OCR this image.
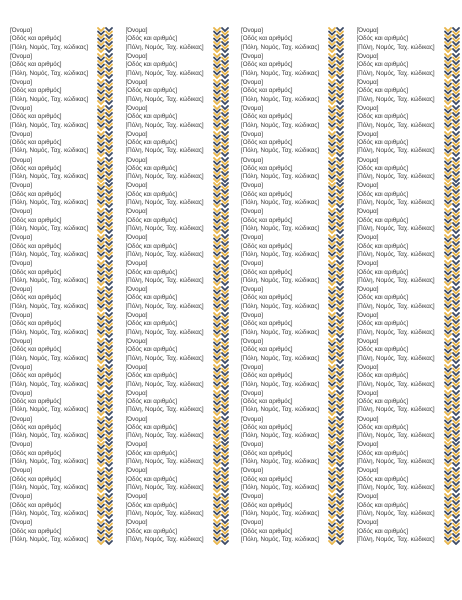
[Όνομα]
[Οδός και αριθμός]
[Πόλη, Νομός, Ταχ. κώδικας]
[Όνομα]
[Οδός και αριθμός]
[Πόλη, Νομός, Ταχ. κώδικας]
[Όνομα]
[Οδός και αριθμός]
[Πόλη, Νομός, Ταχ. κώδικας]
[Όνομα]
[Οδός και αριθμός]
[Πόλη, Νομός, Ταχ. κώδικας]
[Όνομα]
[Οδός και αριθμός]
[Πόλη, Νομός, Ταχ. κώδικας]
[Όνομα]
[Οδός και αριθμός]
[Πόλη, Νομός, Ταχ. κώδικας]
[Όνομα]
[Οδός και αριθμός]
[Πόλη, Νομός, Ταχ. κώδικας]
[Όνομα]
[Οδός και αριθμός]
[Πόλη, Νομός, Ταχ. κώδικας]
[Όνομα]
[Οδός και αριθμός]
[Πόλη, Νομός, Ταχ. κώδικας]
[Όνομα]
[Οδός και αριθμός]
[Πόλη, Νομός, Ταχ. κώδικας]
[Όνομα]
[Οδός και αριθμός]
[Πόλη, Νομός, Ταχ. κώδικας]
[Όνομα]
[Οδός και αριθμός]
[Πόλη, Νομός, Ταχ. κώδικας]
[Όνομα]
[Οδός και αριθμός]
[Πόλη, Νομός, Ταχ. κώδικας]
[Όνομα]
[Οδός και αριθμός]
[Πόλη, Νομός, Ταχ. κώδικας]
[Όνομα]
[Οδός και αριθμός]
[Πόλη, Νομός, Ταχ. κώδικας]
[Όνομα]
[Οδός και αριθμός]
[Πόλη, Νομός, Ταχ. κώδικας]
[Όνομα]
[Οδός και αριθμός]
[Πόλη, Νομός, Ταχ. κώδικας]
[Όνομα]
[Οδός και αριθμός]
[Πόλη, Νομός, Ταχ. κώδικας]
[Όνομα]
[Οδός και αριθμός]
[Πόλη, Νομός, Ταχ. κώδικας]
[Όνομα]
[Οδός και αριθμός]
[Πόλη, Νομός, Ταχ. κώδικας]
[Όνομα]
[Οδός και αριθμός]
[Πόλη, Νομός, Ταχ. κώδικας]
[Όνομα]
[Οδός και αριθμός]
[Πόλη, Νομός, Ταχ. κώδικας]
[Όνομα]
[Οδός και αριθμός]
[Πόλη, Νομός, Ταχ. κώδικας]
[Όνομα]
[Οδός και αριθμός]
[Πόλη, Νομός, Ταχ. κώδικας]
[Όνομα]
[Οδός και αριθμός]
[Πόλη, Νομός, Ταχ. κώδικας]
[Όνομα]
[Οδός και αριθμός]
[Πόλη, Νομός, Ταχ. κώδικας]
[Όνομα]
[Οδός και αριθμός]
[Πόλη, Νομός, Ταχ. κώδικας]
[Όνομα]
[Οδός και αριθμός]
[Πόλη, Νομός, Ταχ. κώδικας]
[Όνομα]
[Οδός και αριθμός]
[Πόλη, Νομός, Ταχ. κώδικας]
[Όνομα]
[Οδός και αριθμός]
[Πόλη, Νομός, Ταχ. κώδικας]
[Όνομα]
[Οδός και αριθμός]
[Πόλη, Νομός, Ταχ. κώδικας]
[Όνομα]
[Οδός και αριθμός]
[Πόλη, Νομός, Ταχ. κώδικας]
[Όνομα]
[Οδός και αριθμός]
[Πόλη, Νομός, Ταχ. κώδικας]
[Όνομα]
[Οδός και αριθμός]
[Πόλη, Νομός, Ταχ. κώδικας]
[Όνομα]
[Οδός και αριθμός]
[Πόλη, Νομός, Ταχ. κώδικας]
[Όνομα]
[Οδός και αριθμός]
[Πόλη, Νομός, Ταχ. κώδικας]
[Όνομα]
[Οδός και αριθμός]
[Πόλη, Νομός, Ταχ. κώδικας]
[Όνομα]
[Οδός και αριθμός]
[Πόλη, Νομός, Ταχ. κώδικας]
[Όνομα]
[Οδός και αριθμός]
[Πόλη, Νομός, Ταχ. κώδικας]
[Όνομα]
[Οδός και αριθμός]
[Πόλη, Νομός, Ταχ. κώδικας]
[Όνομα]
[Οδός και αριθμός]
[Πόλη, Νομός, Ταχ. κώδικας]
[Όνομα]
[Οδός και αριθμός]
[Πόλη, Νομός, Ταχ. κώδικας]
[Όνομα]
[Οδός και αριθμός]
[Πόλη, Νομός, Ταχ. κώδικας]
[Όνομα]
[Οδός και αριθμός]
[Πόλη, Νομός, Ταχ. κώδικας]
[Όνομα]
[Οδός και αριθμός]
[Πόλη, Νομός, Ταχ. κώδικας]
[Όνομα]
[Οδός και αριθμός]
[Πόλη, Νομός, Ταχ. κώδικας]
[Όνομα]
[Οδός και αριθμός]
[Πόλη, Νομός, Ταχ. κώδικας]
[Όνομα]
[Οδός και αριθμός]
[Πόλη, Νομός, Ταχ. κώδικας]
[Όνομα]
[Οδός και αριθμός]
[Πόλη, Νομός, Ταχ. κώδικας]
[Όνομα]
[Οδός και αριθμός]
[Πόλη, Νομός, Ταχ. κώδικας]
[Όνομα]
[Οδός και αριθμός]
[Πόλη, Νομός, Ταχ. κώδικας]
[Όνομα]
[Οδός και αριθμός]
[Πόλη, Νομός, Ταχ. κώδικας]
[Όνομα]
[Οδός και αριθμός]
[Πόλη, Νομός, Ταχ. κώδικας]
[Όνομα]
[Οδός και αριθμός]
[Πόλη, Νομός, Ταχ. κώδικας]
[Όνομα]
[Οδός και αριθμός]
[Πόλη, Νομός, Ταχ. κώδικας]
[Όνομα]
[Οδός και αριθμός]
[Πόλη, Νομός, Ταχ. κώδικας]
[Όνομα]
[Οδός και αριθμός]
[Πόλη, Νομός, Ταχ. κώδικας]
[Όνομα]
[Οδός και αριθμός]
[Πόλη, Νομός, Ταχ. κώδικας]
[Όνομα]
[Οδός και αριθμός]
[Πόλη, Νομός, Ταχ. κώδικας]
[Όνομα]
[Οδός και αριθμός]
[Πόλη, Νομός, Ταχ. κώδικας]
[Όνομα]
[Οδός και αριθμός]
[Πόλη, Νομός, Ταχ. κώδικας]
[Όνομα]
[Οδός και αριθμός]
[Πόλη, Νομός, Ταχ. κώδικας]
[Όνομα]
[Οδός και αριθμός]
[Πόλη, Νομός, Ταχ. κώδικας]
[Όνομα]
[Οδός και αριθμός]
[Πόλη, Νομός, Ταχ. κώδικας]
[Όνομα]
[Οδός και αριθμός]
[Πόλη, Νομός, Ταχ. κώδικας]
[Όνομα]
[Οδός και αριθμός]
[Πόλη, Νομός, Ταχ. κώδικας]
[Όνομα]
[Οδός και αριθμός]
[Πόλη, Νομός, Ταχ. κώδικας]
[Όνομα]
[Οδός και αριθμός]
[Πόλη, Νομός, Ταχ. κώδικας]
[Όνομα]
[Οδός και αριθμός]
[Πόλη, Νομός, Ταχ. κώδικας]
[Όνομα]
[Οδός και αριθμός]
[Πόλη, Νομός, Ταχ. κώδικας]
[Όνομα]
[Οδός και αριθμός]
[Πόλη, Νομός, Ταχ. κώδικας]
[Όνομα]
[Οδός και αριθμός]
[Πόλη, Νομός, Ταχ. κώδικας]
[Όνομα]
[Οδός και αριθμός]
[Πόλη, Νομός, Ταχ. κώδικας]
[Όνομα]
[Οδός και αριθμός]
[Πόλη, Νομός, Ταχ. κώδικας]
[Όνομα]
[Οδός και αριθμός]
[Πόλη, Νομός, Ταχ. κώδικας]
[Όνομα]
[Οδός και αριθμός]
[Πόλη, Νομός, Ταχ. κώδικας]
[Όνομα]
[Οδός και αριθμός]
[Πόλη, Νομός, Ταχ. κώδικας]
[Όνομα]
[Οδός και αριθμός]
[Πόλη, Νομός, Ταχ. κώδικας]
[Όνομα]
[Οδός και αριθμός]
[Πόλη, Νομός, Ταχ. κώδικας]
[Όνομα]
[Οδός και αριθμός]
[Πόλη, Νομός, Ταχ. κώδικας]
